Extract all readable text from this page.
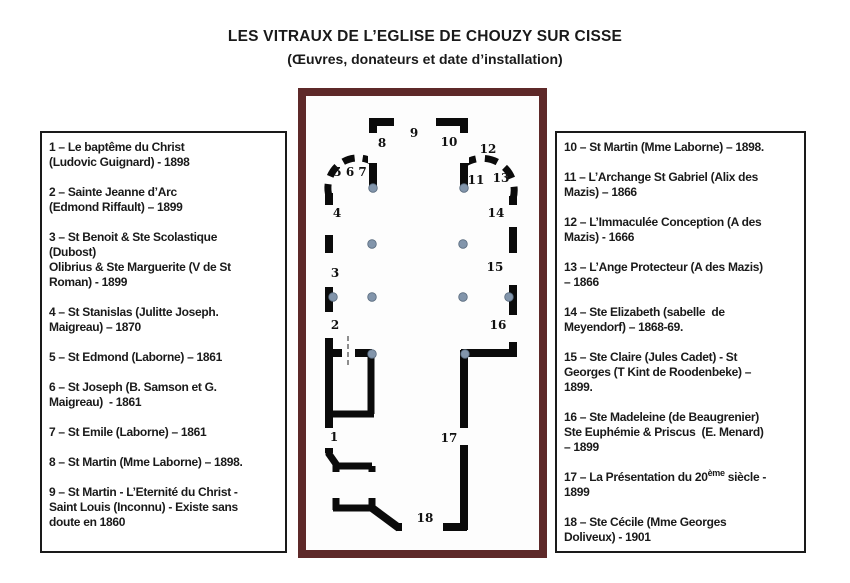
LES VITRAUX DE L’EGLISE DE CHOUZY SUR CISSE
(Œuvres, donateurs et date d’installation)

1 – Le baptême du Christ
(Ludovic Guignard) - 1898

2 – Sainte Jeanne d’Arc
(Edmond Riffault) – 1899

3 – St Benoit & Ste Scolastique
(Dubost)
Olibrius & Ste Marguerite (V de St
Roman) - 1899

4 – St Stanislas (Julitte Joseph.
Maigreau) – 1870

5 – St Edmond (Laborne) – 1861

6 – St Joseph (B. Samson et G.
Maigreau)  - 1861

7 – St Emile (Laborne) – 1861

8 – St Martin (Mme Laborne) – 1898.

9 – St Martin - L’Eternité du Christ -
Saint Louis (Inconnu) - Existe sans
doute en 1860

1
2
3
4
5 6 7
8
9
10
11
12
13
14
15
16
17
18

10 – St Martin (Mme Laborne) – 1898.

11 – L’Archange St Gabriel (Alix des
Mazis) – 1866

12 – L’Immaculée Conception (A des
Mazis) - 1666

13 – L’Ange Protecteur (A des Mazis)
– 1866

14 – Ste Elizabeth (sabelle  de
Meyendorf) – 1868-69.

15 – Ste Claire (Jules Cadet) - St
Georges (T Kint de Roodenbeke) –
1899.

16 – Ste Madeleine (de Beaugrenier)
Ste Euphémie & Priscus  (E. Menard)
– 1899

17 – La Présentation du 20ème siècle -
1899

18 – Ste Cécile (Mme Georges
Doliveux) - 1901
